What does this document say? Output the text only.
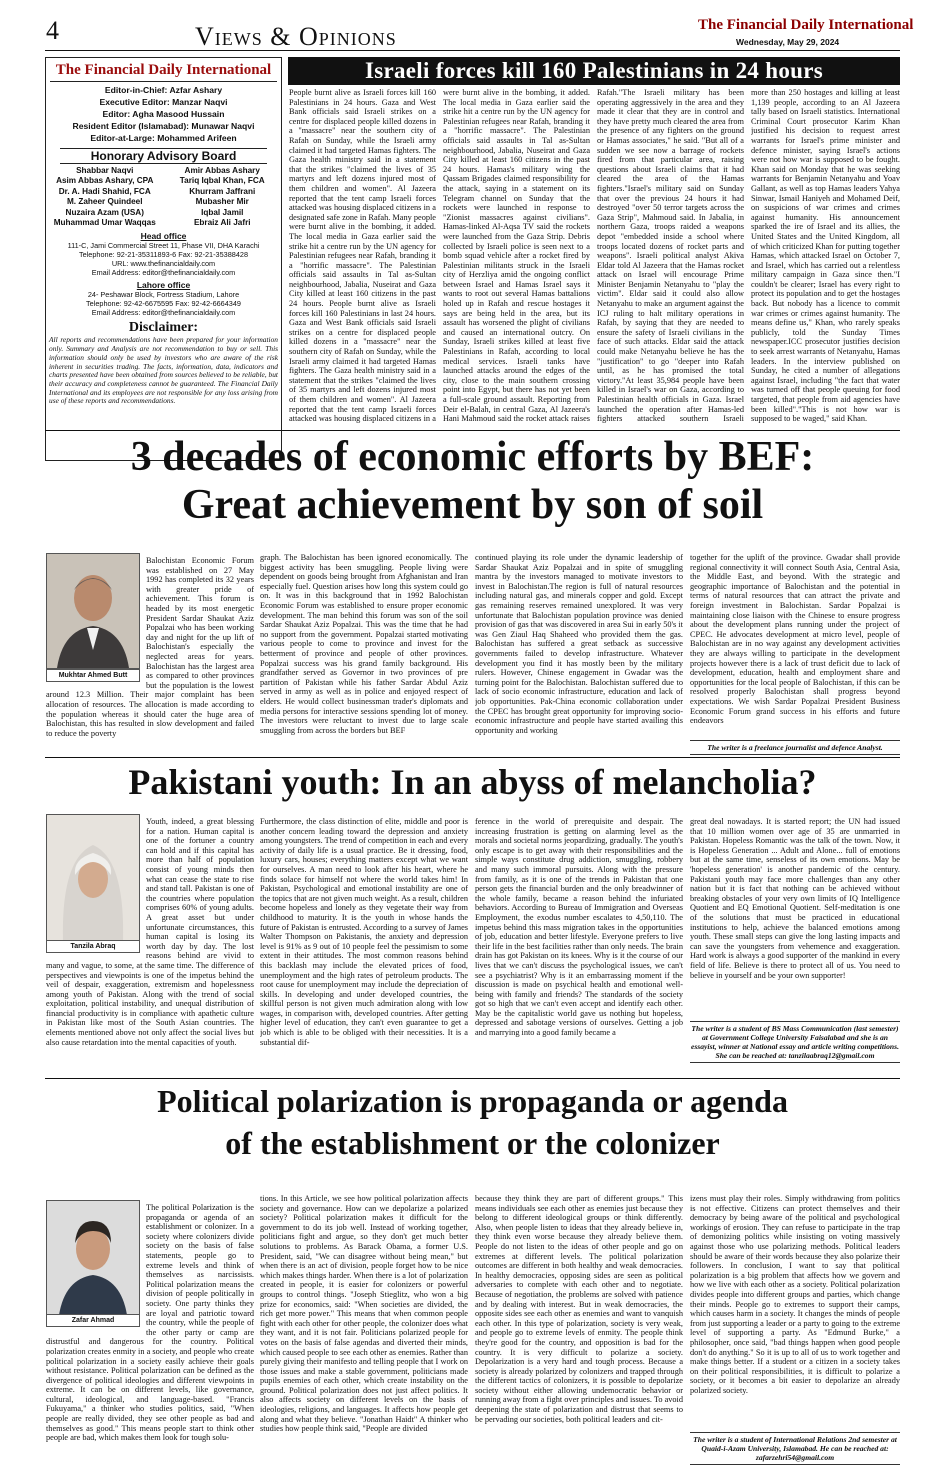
4	Views & Opinions	The Financial Daily International
Wednesday, May 29, 2024
The Financial Daily International
Editor-in-Chief: Azfar Ashary
Executive Editor: Manzar Naqvi
Editor: Agha Masood Hussain
Resident Editor (Islamabad): Munawar Naqvi
Editor-at-Large: Mohammed Arifeen
Honorary Advisory Board
Shabbar Naqvi
Asim Abbas Ashary, CPA
Dr. A. Hadi Shahid, FCA
M. Zaheer Quindeel
Nuzaira Azam (USA)
Muhammad Umar Waqqas
Amir Abbas Ashary
Tariq Iqbal Khan, FCA
Khurram Jaffrani
Mubasher Mir
Iqbal Jamil
Ebraiz Ali Jafri
Head office
111-C, Jami Commercial Street 11, Phase VII, DHA Karachi
Telephone: 92-21-35311893-6 Fax: 92-21-35388428
URL: www.thefinancialdaily.com
Email Address: editor@thefinancialdaily.com
Lahore office
24- Peshawar Block, Fortress Stadium, Lahore
Telephone: 92-42-6675595 Fax: 92-42-6664349
Email Address: editor@thefinancialdaily.com
Disclaimer:
All reports and recommendations have been prepared for your information only. Summary and Analysis are not recommendation to buy or sell. This information should only be used by investors who are aware of the risk inherent in securities trading. The facts, information, data, indicators and charts presented have been obtained from sources believed to be reliable, but their accuracy and completeness cannot be guaranteed. The Financial Daily International and its employees are not responsible for any loss arising from use of these reports and recommendations.
Israeli forces kill 160 Palestinians in 24 hours
People burnt alive as Israeli forces kill 160 Palestinians in 24 hours. Gaza and West Bank officials said Israeli strikes on a centre for displaced people killed dozens in a "massacre" near the southern city of Rafah on Sunday, while the Israeli army claimed it had targeted Hamas fighters. The Gaza health ministry said in a statement that the strikes "claimed the lives of 35 martyrs and left dozens injured most of them children and women". Al Jazeera reported that the tent camp Israeli forces attacked was housing displaced citizens in a designated safe zone in Rafah. Many people were burnt alive in the bombing, it added. The local media in Gaza earlier said the strike hit a centre run by the UN agency for Palestinian refugees near Rafah, branding it a "horrific massacre". The Palestinian officials said assaults in Tal as-Sultan neighbourhood, Jabalia, Nuseirat and Gaza City killed at least 160 citizens in the past 24 hours. People burnt alive as Israeli forces kill 160 Palestinians in last 24 hours. Gaza and West Bank officials said Israeli strikes on a centre for displaced people killed dozens in a "massacre" near the southern city of Rafah on Sunday, while the Israeli army claimed it had targeted Hamas fighters. The Gaza health ministry said in a statement that the strikes "claimed the lives of 35 martyrs and left dozens injured most of them children and women". Al Jazeera reported that the tent camp Israeli forces attacked was housing displaced citizens in a
were burnt alive in the bombing, it added. The local media in Gaza earlier said the strike hit a centre run by the UN agency for Palestinian refugees near Rafah, branding it a "horrific massacre". The Palestinian officials said assaults in Tal as-Sultan neighbourhood, Jabalia, Nuseirat and Gaza City killed at least 160 citizens in the past 24 hours. Hamas's military wing the Qassam Brigades claimed responsibility for the attack, saying in a statement on its Telegram channel on Sunday that the rockets were launched in response to "Zionist massacres against civilians". Hamas-linked Al-Aqsa TV said the rockets were launched from the Gaza Strip. Debris collected by Israeli police is seen next to a bomb squad vehicle after a rocket fired by Palestinian militants struck in the Israeli city of Herzliya amid the ongoing conflict between Israel and Hamas Israel says it wants to root out several Hamas battalions holed up in Rafah and rescue hostages it says are being held in the area, but its assault has worsened the plight of civilians and caused an international outcry. On Sunday, Israeli strikes killed at least five Palestinians in Rafah, according to local medical services. Israeli tanks have launched attacks around the edges of the city, close to the main southern crossing point into Egypt, but there has not yet been a full-scale ground assault. Reporting from Deir el-Balah, in central Gaza, Al Jazeera's Hani Mahmoud said the rocket attack raises
Rafah."The Israeli military has been operating aggressively in the area and they made it clear that they are in control and they have pretty much cleared the area from the presence of any fighters on the ground or Hamas associates," he said. "But all of a sudden we see now a barrage of rockets fired from that particular area, raising questions about Israeli claims that it had cleared the area of the Hamas fighters."Israel's military said on Sunday that over the previous 24 hours it had destroyed "over 50 terror targets across the Gaza Strip", Mahmoud said. In Jabalia, in northern Gaza, troops raided a weapons depot "embedded inside a school where troops located dozens of rocket parts and weapons". Israeli political analyst Akiva Eldar told Al Jazeera that the Hamas rocket attack on Israel will encourage Prime Minister Benjamin Netanyahu to "play the victim". Eldar said it could also allow Netanyahu to make an argument against the ICJ ruling to halt military operations in Rafah, by saying that they are needed to ensure the safety of Israeli civilians in the face of such attacks. Eldar said the attack could make Netanyahu believe he has the "justification" to go "deeper into Rafah until, as he has promised the total victory."At least 35,984 people have been killed in Israel's war on Gaza, according to Palestinian health officials in Gaza. Israel launched the operation after Hamas-led fighters attacked southern Israeli
more than 250 hostages and killing at least 1,139 people, according to an Al Jazeera tally based on Israeli statistics. International Criminal Court prosecutor Karim Khan justified his decision to request arrest warrants for Israel's prime minister and defence minister, saying Israel's actions were not how war is supposed to be fought. Khan said on Monday that he was seeking warrants for Benjamin Netanyahu and Yoav Gallant, as well as top Hamas leaders Yahya Sinwar, Ismail Haniyeh and Mohamed Deif, on suspicions of war crimes and crimes against humanity. His announcement sparked the ire of Israel and its allies, the United States and the United Kingdom, all of which criticized Khan for putting together Hamas, which attacked Israel on October 7, and Israel, which has carried out a relentless military campaign in Gaza since then."I couldn't be clearer; Israel has every right to protect its population and to get the hostages back. But nobody has a licence to commit war crimes or crimes against humanity. The means define us," Khan, who rarely speaks publicly, told the Sunday Times newspaper.ICC prosecutor justifies decision to seek arrest warrants of Netanyahu, Hamas leaders. In the interview published on Sunday, he cited a number of allegations against Israel, including "the fact that water was turned off that people queuing for food targeted, that people from aid agencies have been killed"."This is not how war is supposed to be waged," said Khan.
3 decades of economic efforts by BEF:
Great achievement by son of soil
Mukhtar Ahmed Butt
Balochistan Economic Forum was established on 27 May 1992 has completed its 32 years with greater pride of achievement. This forum is headed by its most energetic President Sardar Shaukat Aziz Popalzai who has been working day and night for the up lift of Balochistan's especially the neglected areas for years. Balochistan has the largest area as compared to other provinces but the population is the lowest around 12.3 Million. Their major complaint has been allocation of resources. The allocation is made according to the population whereas it should cater the huge area of Balochistan, this has resulted in slow development and failed to reduce the poverty
graph. The Balochistan has been ignored economically. The biggest activity has been smuggling. People living were dependent on goods being brought from Afghanistan and Iran especially fuel. Question arises how long this system could go on. It was in this background that in 1992 Balochistan Economic Forum was established to ensure proper economic development. The man behind this forum was son of the soil Sardar Shaukat Aziz Popalzai. This was the time that he had no support from the government. Popalzai started motivating various people to come to province and invest for the betterment of province and people of other provinces. Popalzai success was his grand family background. His grandfather served as Governor in two provinces of pre partition of Pakistan while his father Sardar Abdul Aziz served in army as well as in police and enjoyed respect of elders. He would collect businessman trader's diplomats and media persons for interactive sessions spending lot of money. The investors were reluctant to invest due to large scale smuggling from across the borders but BEF
continued playing its role under the dynamic leadership of Sardar Shaukat Aziz Popalzai and in spite of smuggling mantra by the investors managed to motivate investors to invest in Balochistan.The region is full of natural resources including natural gas, and minerals copper and gold. Except gas remaining reserves remained unexplored. It was very unfortunate that Balochistan population province was denied provision of gas that was discovered in area Sui in early 50's it was Gen Ziaul Haq Shaheed who provided them the gas. Balochistan has suffered a great setback as successive governments failed to develop infrastructure. Whatever development you find it has mostly been by the military rulers. However, Chinese engagement in Gwadar was the turning point for the Balochistan. Balochistan suffered due to lack of socio economic infrastructure, education and lack of job opportunities. Pak-China economic collaboration under the CPEC has brought great opportunity for improving socio-economic infrastructure and people have started availing this opportunity and working
together for the uplift of the province. Gwadar shall provide regional connectivity it will connect South Asia, Central Asia, the Middle East, and beyond. With the strategic and geographic importance of Balochistan and the potential in terms of natural resources that can attract the private and foreign investment in Balochistan. Sardar Popalzai is maintaining close liaison with the Chinese to ensure progress about the development plans running under the project of CPEC. He advocates development at micro level, people of Balochistan are in no way against any development activities they are always willing to participate in the development projects however there is a lack of trust deficit due to lack of development, education, health and employment share and opportunities for the local people of Balochistan, if this can be resolved properly Balochistan shall progress beyond expectations. We wish Sardar Popalzai President Business Economic Forum grand success in his efforts and future endeavors
The writer is a freelance journalist and defence Analyst.
Pakistani youth: In an abyss of melancholia?
Tanzila Abraq
Youth, indeed, a great blessing for a nation. Human capital is one of the fortuner a country can hold and if this capital has more than half of population consist of young minds then what can cease the state to rise and stand tall. Pakistan is one of the countries where population comprises 60% of young adults. A great asset but under unfortunate circumstances, this human capital is losing its worth day by day. The lost reasons behind are vivid to many and vague, to some, at the same time. The difference of perspectives and viewpoints is one of the impetus behind the veil of despair, exaggeration, extremism and hopelessness among youth of Pakistan. Along with the trend of social exploitation, political instability, and unequal distribution of financial productivity is in compliance with apathetic culture in Pakistan like most of the South Asian countries. The elements mentioned above not only affect the social lives but also cause retardation into the mental capacities of youth.
Furthermore, the class distinction of elite, middle and poor is another concern leading toward the depression and anxiety among youngsters. The trend of competition in each and every activity of daily life is a usual practice. Be it dressing, food, luxury cars, houses; everything matters except what we want for ourselves. A man need to look after his heart, where he finds solace for himself not where the world takes him! In Pakistan, Psychological and emotional instability are one of the topics that are not given much weight. As a result, children become hopeless and lonely as they vegetate their way from childhood to maturity. It is the youth in whose hands the future of Pakistan is entrusted. According to a survey of James Walter Thompson on Pakistanis, the anxiety and depression level is 91% as 9 out of 10 people feel the pessimism to some extent in their attitudes. The most common reasons behind this backlash may include the elevated prices of food, unemployment and the high rates of petroleum products. The root cause for unemployment may include the depreciation of skills. In developing and under developed countries, the skillful person is not given much admiration along with low wages, in comparison with, developed countries. After getting higher level of education, they can't even guarantee to get a job which is able to be obliged with their necessities. It is a substantial dif-
ference in the world of prerequisite and despair. The increasing frustration is getting on alarming level as the morals and societal norms jeopardizing, gradually. The youth's only escape is to get away with their responsibilities and the simple ways constitute drug addiction, smuggling, robbery and many such immoral pursuits. Along with the pressure from family, as it is one of the trends in Pakistan that one person gets the financial burden and the only breadwinner of the whole family, became a reason behind the infuriated behaviors. According to Bureau of Immigration and Overseas Employment, the exodus number escalates to 4,50,110. The impetus behind this mass migration takes in the opportunities of job, education and better lifestyle. Everyone prefers to live their life in the best facilities rather than only needs. The brain drain has got Pakistan on its knees. Why is it the course of our lives that we can't discuss the psychological issues, we can't see a psychiatrist? Why is it an embarrassing moment if the discussion is made on psychical health and emotional well-being with family and friends? The standards of the society got so high that we can't even accept and identify each other. May be the capitalistic world gave us nothing but hopeless, depressed and sabotage versions of ourselves. Getting a job and marrying into a good family became a
great deal nowadays. It is started report; the UN had issued that 10 million women over age of 35 are unmarried in Pakistan. Hopeless Romantic was the talk of the town. Now, it is Hopeless Generation ... Adult and Alone... full of emotions but at the same time, senseless of its own emotions. May be 'hopeless generation' is another pandemic of the century. Pakistani youth may face more challenges than any other nation but it is fact that nothing can be achieved without breaking obstacles of your very own limits of IQ Intelligence Quotient and EQ Emotional Quotient. Self-meditation is one of the solutions that must be practiced in educational institutions to help, achieve the balanced emotions among youth. These small steps can give the long lasting impacts and can save the youngsters from vehemence and exaggeration. Hard work is always a good supporter of the mankind in every field of life. Believe is there to protect all of us. You need to believe in yourself and be your own supporter!
The writer is a student of BS Mass Communication (last semester) at Government College University Faisalabad and she is an essayist, winner at National essay and article writing competitions. She can be reached at: tanzilaabraq12@gmail.com
Political polarization is propaganda or agenda
of the establishment or the colonizer
Zafar Ahmad
The political Polarization is the propaganda or agenda of an establishment or colonizer. In a society where colonizers divide society on the basis of false statements, people go to extreme levels and think of themselves as narcissists. Political polarization means the division of people politically in society. One party thinks they are loyal and patriotic toward the country, while the people of the other party or camp are distrustful and dangerous for the country. Political polarization creates enmity in a society, and people who create political polarization in a society easily achieve their goals without resistance. Political polarization can be defined as the divergence of political ideologies and different viewpoints in extreme. It can be on different levels, like governance, cultural, ideological, and language-based. "Francis Fukuyama," a thinker who studies politics, said, "When people are really divided, they see other people as bad and themselves as good." This means people start to think other people are bad, which makes them look for tough solu-
tions. In this Article, we see how political polarization affects society and governance. How can we depolarize a polarized society? Political polarization makes it difficult for the government to do its job well. Instead of working together, politicians fight and argue, so they don't get much better solutions to problems. As Barack Obama, a former U.S. President, said, "We can disagree without being mean," but when there is an act of division, people forget how to be nice which makes things harder. When there is a lot of polarization created in people, it is easier for colonizers or powerful groups to control things. "Joseph Stieglitz, who won a big prize for economics, said: "When societies are divided, the rich get more power." This means that when common people fight with each other for other people, the colonizer does what they want, and it is not fair. Politicians polarized people for votes on the basis of false agendas and diverted their minds, which caused people to see each other as enemies. Rather than purely giving their manifesto and telling people that I work on those issues and make a stable government, politicians made pupils enemies of each other, which create instability on the ground. Political polarization does not just affect politics. It also affects society on different levels on the basis of ideologies, religions, and languages. It affects how people get along and what they believe. "Jonathan Haidt" A thinker who studies how people think said, "People are divided
because they think they are part of different groups." This means individuals see each other as enemies just because they belong to different ideological groups or think differently. Also, when people listen to ideas that they already believe in, they think even worse because they already believe them. People do not listen to the ideas of other people and go on extremes at different levels. The political polarization outcomes are different in both healthy and weak democracies. In healthy democracies, opposing sides are seen as political adversaries to complete with each other and to negotiate. Because of negotiation, the problems are solved with patience and by dealing with interest. But in weak democracies, the opposite sides see each other as enemies and want to vanquish each other. In this type of polarization, society is very weak, and people go to extreme levels of enmity. The people think they're good for the country, and opposition is bad for the country. It is very difficult to polarize a society. Depolarization is a very hard and tough process. Because a society is already polarized by colonizers and trapped through the different tactics of colonizers, it is possible to depolarize society without either allowing undemocratic behavior or running away from a fight over principles and issues. To avoid deepening the state of polarization and distrust that seems to be pervading our societies, both political leaders and cit-
izens must play their roles. Simply withdrawing from politics is not effective. Citizens can protect themselves and their democracy by being aware of the political and psychological workings of erosion. They can refuse to participate in the trap of demonizing politics while insisting on voting massively against those who use polarizing methods. Political leaders should be aware of their words because they also polarize their followers. In conclusion, I want to say that political polarization is a big problem that affects how we govern and how we live with each other as a society. Political polarization divides people into different groups and parties, which change their minds. People go to extremes to support their camps, which causes harm in a society. It changes the minds of people from just supporting a leader or a party to going to the extreme level of supporting a party. As "Edmund Burke," a philosopher, once said, "bad things happen when good people don't do anything." So it is up to all of us to work together and make things better. If a student or a citizen in a society takes on their political responsibilities, it is difficult to polarize a society, or it becomes a bit easier to depolarize an already polarized society.
The writer is a student of International Relations 2nd semester at Quaid-i-Azam University, Islamabad. He can be reached at: zafarzehri54@gmail.com
